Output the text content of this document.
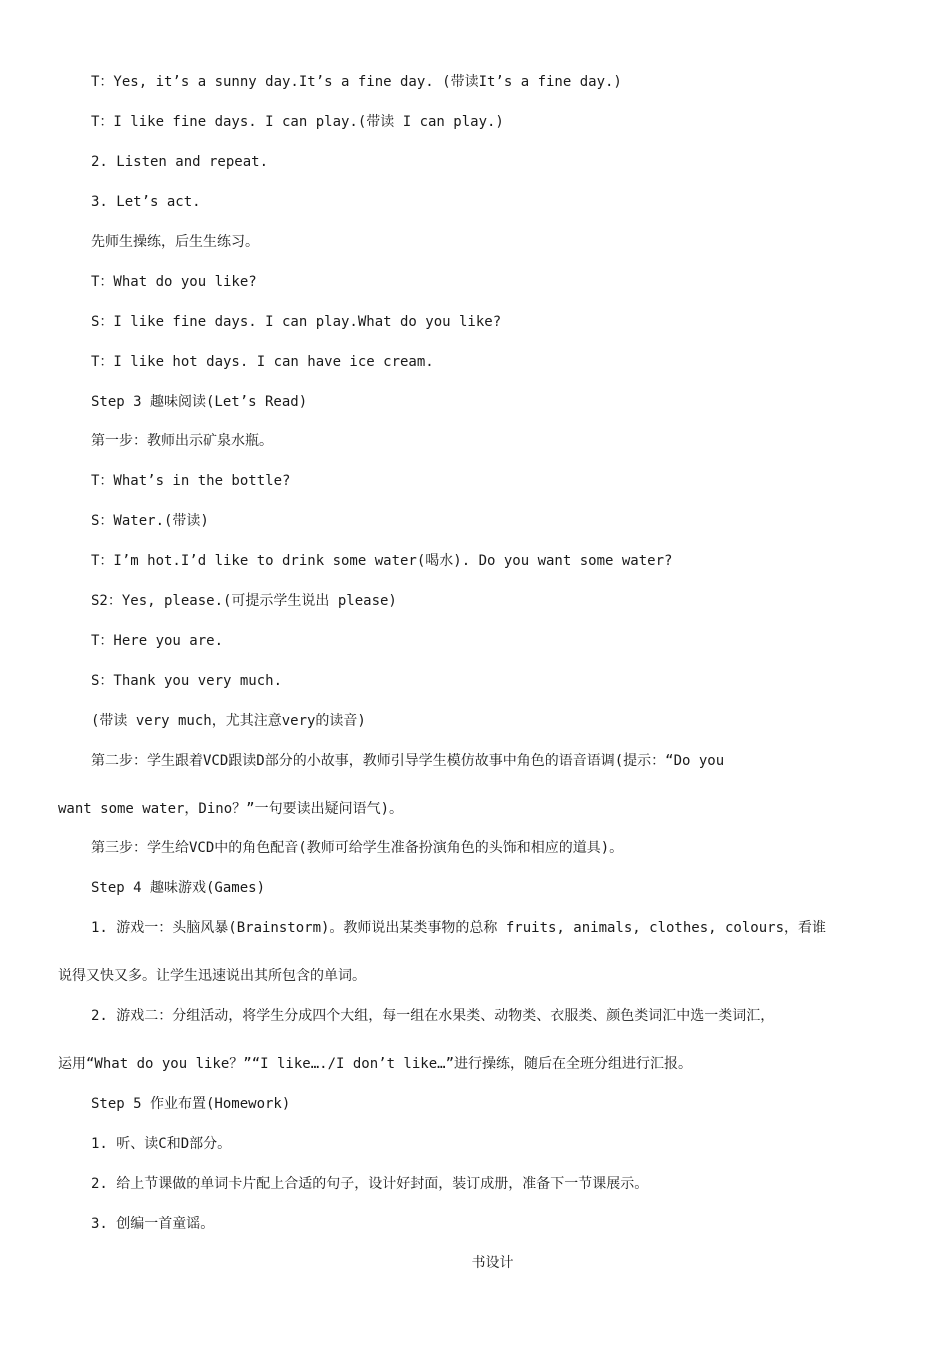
T：Yes, it’s a sunny day.It’s a fine day. (带读It’s a fine day.)
T：I like fine days. I can play.(带读 I can play.)
2. Listen and repeat.
3. Let’s act.
先师生操练，后生生练习。
T：What do you like?
S：I like fine days. I can play.What do you like?
T：I like hot days. I can have ice cream.
Step 3 趣味阅读(Let’s Read)
第一步：教师出示矿泉水瓶。
T：What’s in the bottle?
S：Water.(带读)
T：I’m hot.I’d like to drink some water(喝水). Do you want some water?
S2：Yes, please.(可提示学生说出 please)
T：Here you are.
S：Thank you very much.
(带读 very much，尤其注意very的读音)
第二步：学生跟着VCD跟读D部分的小故事，教师引导学生模仿故事中角色的语音语调(提示：“Do you
want some water，Dino？”一句要读出疑问语气)。
第三步：学生给VCD中的角色配音(教师可给学生准备扮演角色的头饰和相应的道具)。
Step 4 趣味游戏(Games)
1. 游戏一：头脑风暴(Brainstorm)。教师说出某类事物的总称 fruits, animals, clothes, colours，看谁
说得又快又多。让学生迅速说出其所包含的单词。
2. 游戏二：分组活动，将学生分成四个大组，每一组在水果类、动物类、衣服类、颜色类词汇中选一类词汇，
运用“What do you like？”“I like…./I don’t like…”进行操练，随后在全班分组进行汇报。
Step 5 作业布置(Homework)
1. 听、读C和D部分。
2. 给上节课做的单词卡片配上合适的句子，设计好封面，装订成册，准备下一节课展示。
3. 创编一首童谣。
书设计
